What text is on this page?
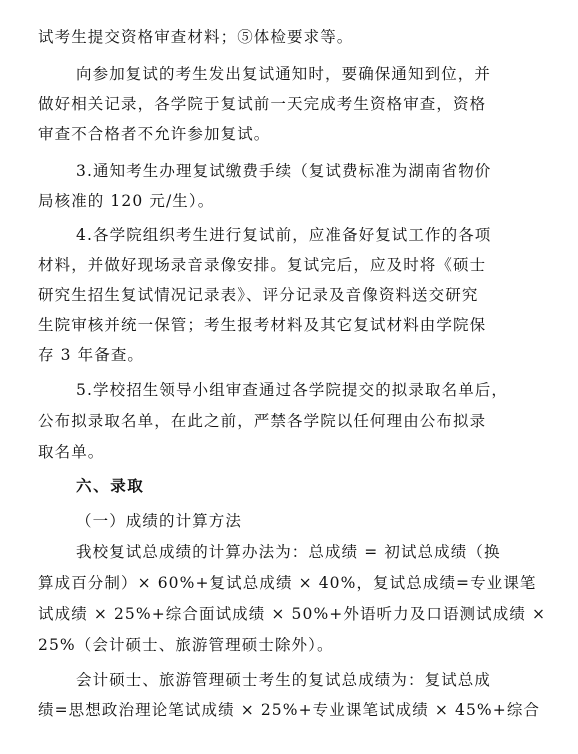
试考生提交资格审查材料；⑤体检要求等。
向参加复试的考生发出复试通知时，要确保通知到位，并
做好相关记录，各学院于复试前一天完成考生资格审查，资格
审查不合格者不允许参加复试。
3.通知考生办理复试缴费手续（复试费标准为湖南省物价
局核准的 120 元/生）。
4.各学院组织考生进行复试前，应准备好复试工作的各项
材料，并做好现场录音录像安排。复试完后，应及时将《硕士
研究生招生复试情况记录表》、评分记录及音像资料送交研究
生院审核并统一保管；考生报考材料及其它复试材料由学院保
存 3 年备查。
5.学校招生领导小组审查通过各学院提交的拟录取名单后，
公布拟录取名单，在此之前，严禁各学院以任何理由公布拟录
取名单。
六、录取
（一）成绩的计算方法
我校复试总成绩的计算办法为：总成绩 = 初试总成绩（换
算成百分制）× 60%+复试总成绩 × 40%，复试总成绩=专业课笔
试成绩 × 25%+综合面试成绩 × 50%+外语听力及口语测试成绩 ×
25%（会计硕士、旅游管理硕士除外）。
会计硕士、旅游管理硕士考生的复试总成绩为：复试总成
绩=思想政治理论笔试成绩 × 25%+专业课笔试成绩 × 45%+综合
